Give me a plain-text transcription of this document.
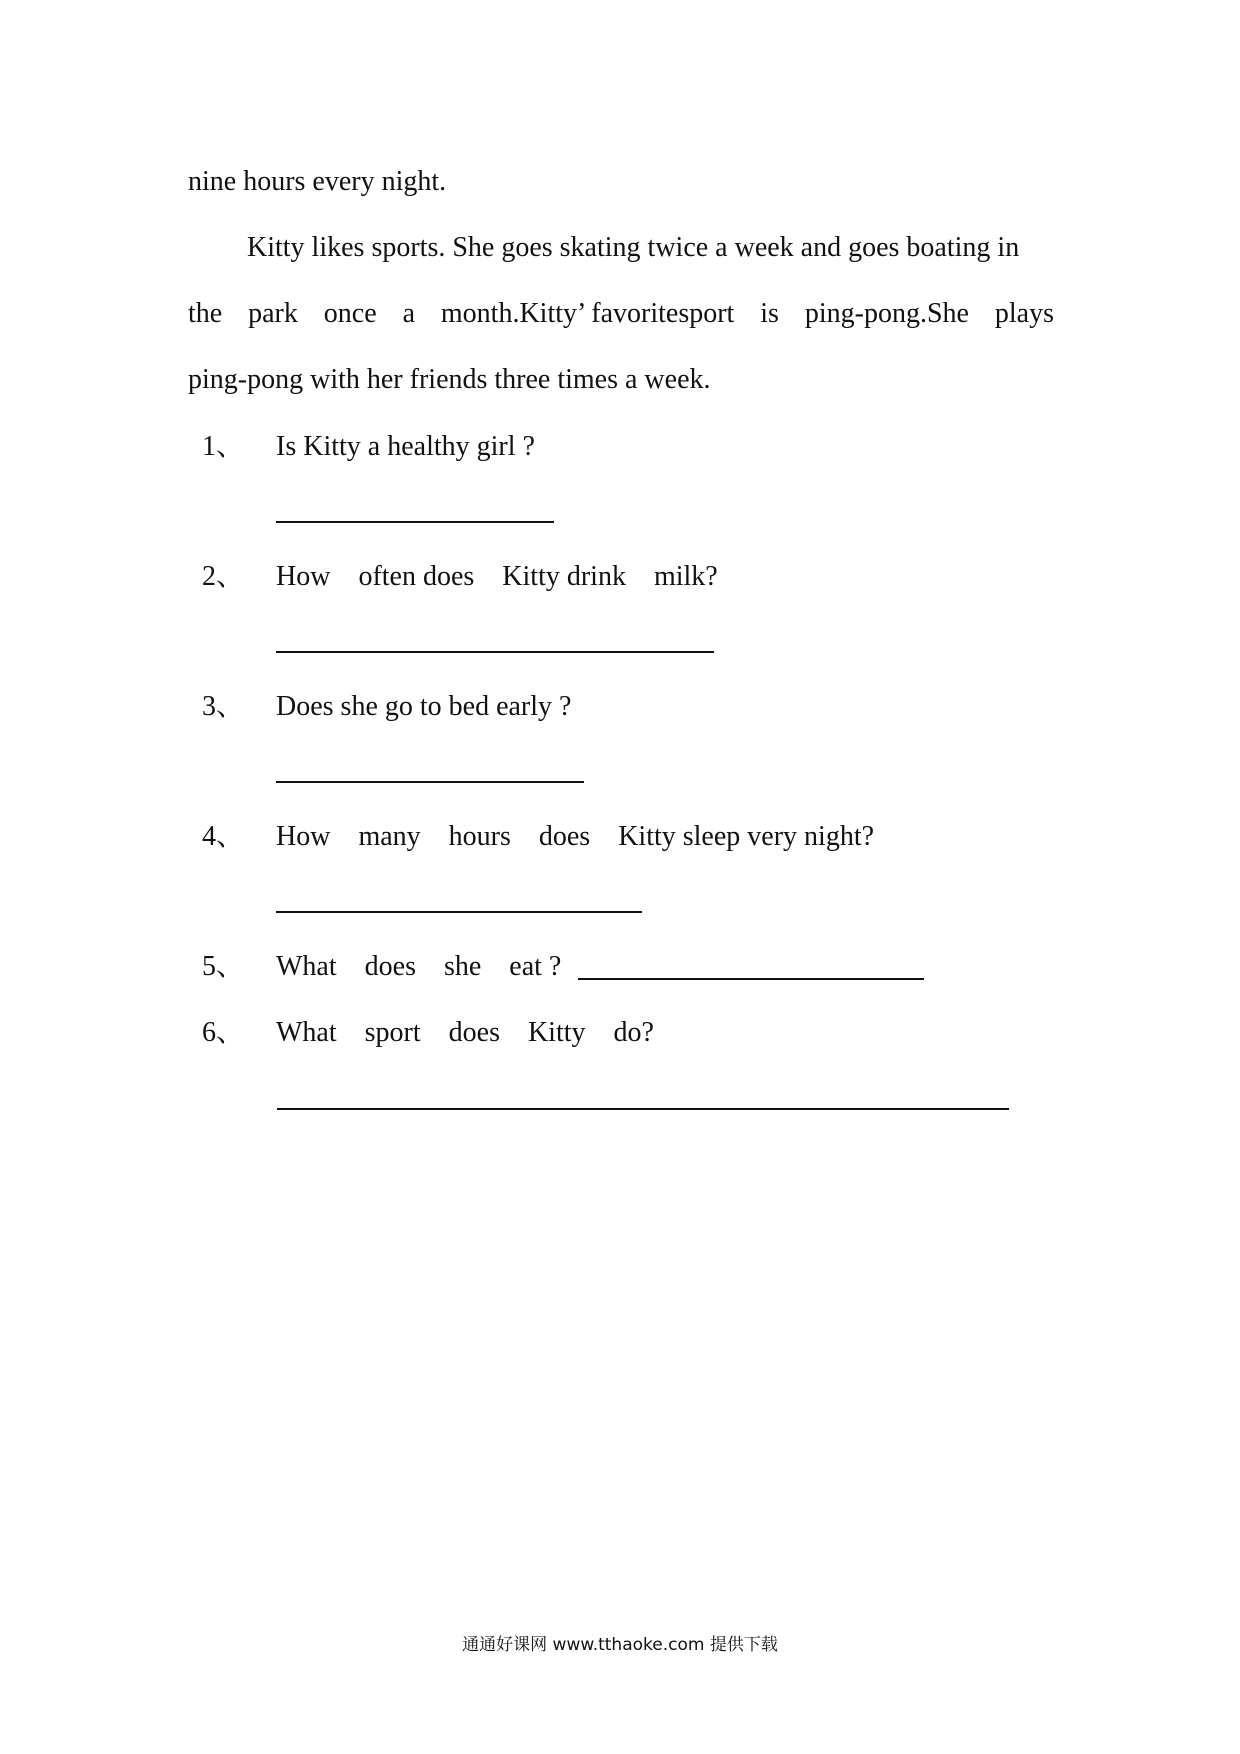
nine hours every night.
Kitty likes sports. She goes skating twice a week and goes boating in
the park once a month.Kitty’ favoritesport is ping-pong.She plays
ping-pong with her friends three times a week.
1、 Is Kitty a healthy girl ?
2、 How    often does    Kitty drink    milk?
3、 Does she go to bed early ?
4、 How    many    hours    does    Kitty sleep very night?
5、 What    does    she    eat ?
6、 What    sport    does    Kitty    do?
通通好课网 www.tthaoke.com 提供下载
